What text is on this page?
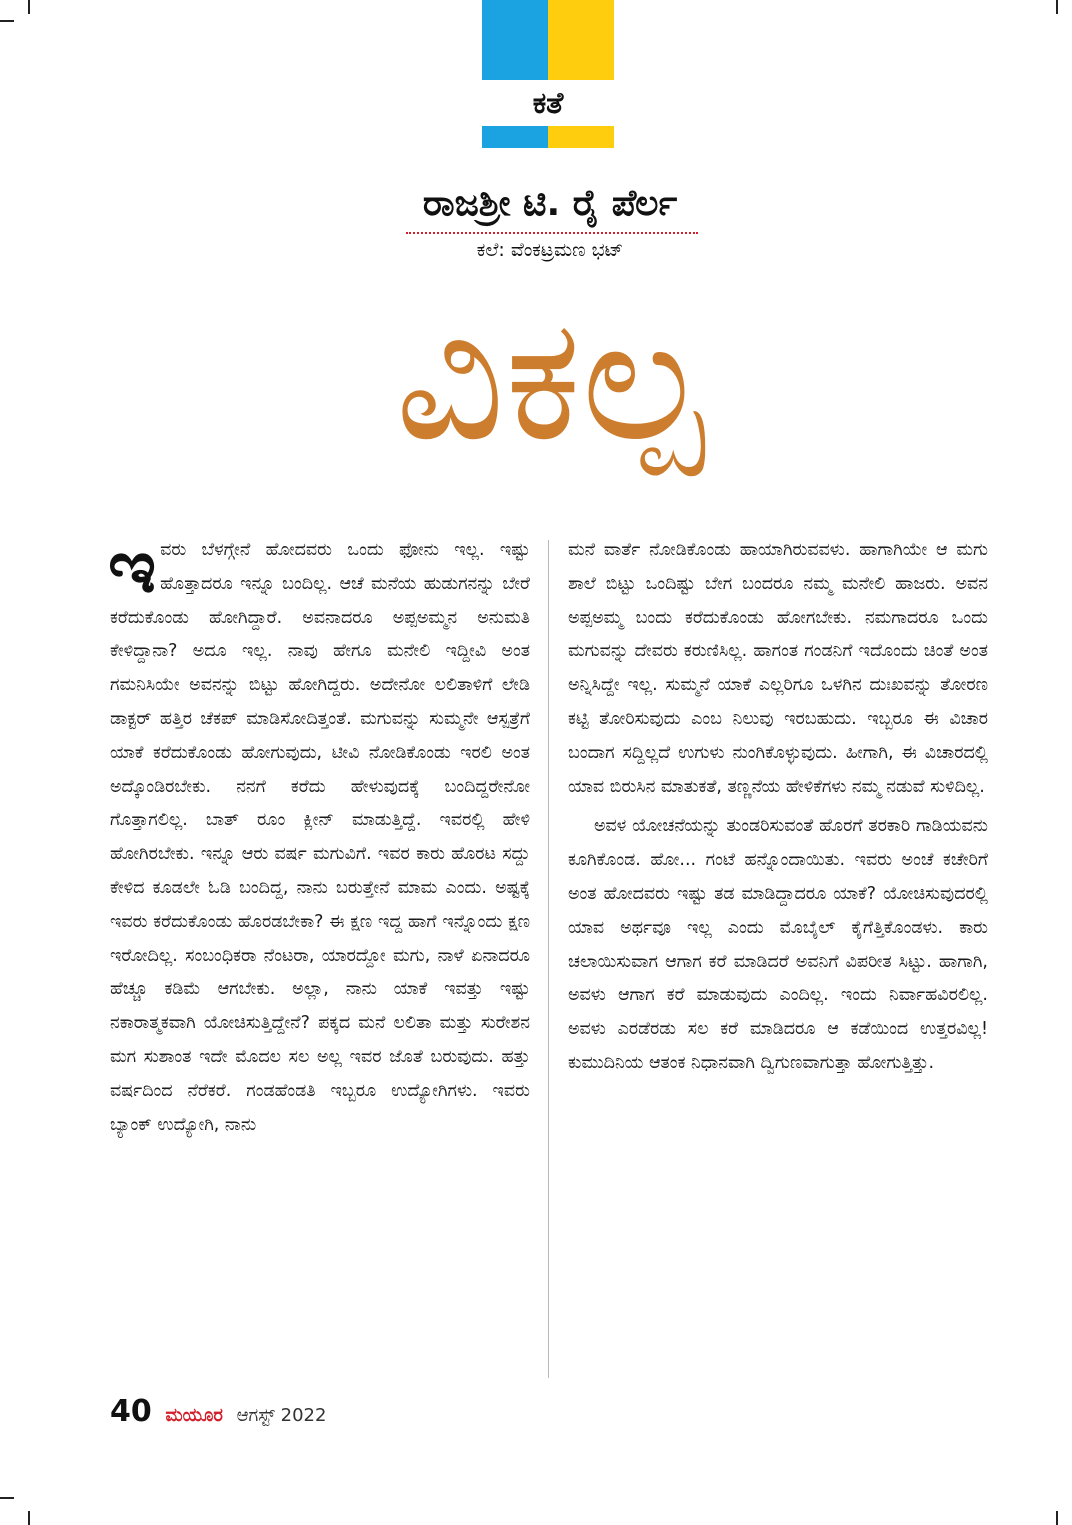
ಕತೆ
ರಾಜಶ್ರೀ ಟಿ. ರೈ ಪೆರ್ಲ
ಕಲೆ: ವೆಂಕಟ್ರಮಣ ಭಟ್
ವಿಕಲ್ಪ

ಇವರು ಬೆಳಗ್ಗೇನೆ ಹೋದವರು ಒಂದು ಫೋನು ಇಲ್ಲ. ಇಷ್ಟು ಹೊತ್ತಾದರೂ ಇನ್ನೂ ಬಂದಿಲ್ಲ. ಆಚೆ ಮನೆಯ ಹುಡುಗನನ್ನು ಬೇರೆ ಕರೆದುಕೊಂಡು ಹೋಗಿದ್ದಾರೆ. ಅವನಾದರೂ ಅಪ್ಪಅಮ್ಮನ ಅನುಮತಿ ಕೇಳಿದ್ದಾನಾ? ಅದೂ ಇಲ್ಲ. ನಾವು ಹೇಗೂ ಮನೇಲಿ ಇದ್ದೀವಿ ಅಂತ ಗಮನಿಸಿಯೇ ಅವನನ್ನು ಬಿಟ್ಟು ಹೋಗಿದ್ದರು. ಅದೇನೋ ಲಲಿತಾಳಿಗೆ ಲೇಡಿ ಡಾಕ್ಟರ್ ಹತ್ತಿರ ಚೆಕಪ್ ಮಾಡಿಸೋದಿತ್ತಂತೆ. ಮಗುವನ್ನು ಸುಮ್ಮನೇ ಆಸ್ಪತ್ರೆಗೆ ಯಾಕೆ ಕರೆದುಕೊಂಡು ಹೋಗುವುದು, ಟೀವಿ ನೋಡಿಕೊಂಡು ಇರಲಿ ಅಂತ ಅದ್ಕೊಂಡಿರಬೇಕು. ನನಗೆ ಕರೆದು ಹೇಳುವುದಕ್ಕೆ ಬಂದಿದ್ದರೇನೋ ಗೊತ್ತಾಗಲಿಲ್ಲ. ಬಾತ್ ರೂಂ ಕ್ಲೀನ್ ಮಾಡುತ್ತಿದ್ದೆ. ಇವರಲ್ಲಿ ಹೇಳಿ ಹೋಗಿರಬೇಕು. ಇನ್ನೂ ಆರು ವರ್ಷ ಮಗುವಿಗೆ. ಇವರ ಕಾರು ಹೊರಟ ಸದ್ದು ಕೇಳಿದ ಕೂಡಲೇ ಓಡಿ ಬಂದಿದ್ದ, ನಾನು ಬರುತ್ತೇನೆ ಮಾಮ ಎಂದು. ಅಷ್ಟಕ್ಕೆ ಇವರು ಕರೆದುಕೊಂಡು ಹೊರಡಬೇಕಾ? ಈ ಕ್ಷಣ ಇದ್ದ ಹಾಗೆ ಇನ್ನೊಂದು ಕ್ಷಣ ಇರೋದಿಲ್ಲ. ಸಂಬಂಧಿಕರಾ ನೆಂಟರಾ, ಯಾರದ್ದೋ ಮಗು, ನಾಳೆ ಏನಾದರೂ ಹೆಚ್ಚೂ ಕಡಿಮೆ ಆಗಬೇಕು. ಅಲ್ಲಾ, ನಾನು ಯಾಕೆ ಇವತ್ತು ಇಷ್ಟು ನಕಾರಾತ್ಮಕವಾಗಿ ಯೋಚಿಸುತ್ತಿದ್ದೇನೆ? ಪಕ್ಕದ ಮನೆ ಲಲಿತಾ ಮತ್ತು ಸುರೇಶನ ಮಗ ಸುಶಾಂತ ಇದೇ ಮೊದಲ ಸಲ ಅಲ್ಲ ಇವರ ಜೊತೆ ಬರುವುದು. ಹತ್ತು ವರ್ಷದಿಂದ ನೆರೆಕರೆ. ಗಂಡಹೆಂಡತಿ ಇಬ್ಬರೂ ಉದ್ಯೋಗಿಗಳು. ಇವರು ಬ್ಯಾಂಕ್ ಉದ್ಯೋಗಿ, ನಾನು

ಮನೆ ವಾರ್ತೆ ನೋಡಿಕೊಂಡು ಹಾಯಾಗಿರುವವಳು. ಹಾಗಾಗಿಯೇ ಆ ಮಗು ಶಾಲೆ ಬಿಟ್ಟು ಒಂದಿಷ್ಟು ಬೇಗ ಬಂದರೂ ನಮ್ಮ ಮನೇಲಿ ಹಾಜರು. ಅವನ ಅಪ್ಪಅಮ್ಮ ಬಂದು ಕರೆದುಕೊಂಡು ಹೋಗಬೇಕು. ನಮಗಾದರೂ ಒಂದು ಮಗುವನ್ನು ದೇವರು ಕರುಣಿಸಿಲ್ಲ. ಹಾಗಂತ ಗಂಡನಿಗೆ ಇದೊಂದು ಚಿಂತೆ ಅಂತ ಅನ್ನಿಸಿದ್ದೇ ಇಲ್ಲ. ಸುಮ್ಮನೆ ಯಾಕೆ ಎಲ್ಲರಿಗೂ ಒಳಗಿನ ದುಃಖವನ್ನು ತೋರಣ ಕಟ್ಟಿ ತೋರಿಸುವುದು ಎಂಬ ನಿಲುವು ಇರಬಹುದು. ಇಬ್ಬರೂ ಈ ವಿಚಾರ ಬಂದಾಗ ಸದ್ದಿಲ್ಲದೆ ಉಗುಳು ನುಂಗಿಕೊಳ್ಳುವುದು. ಹೀಗಾಗಿ, ಈ ವಿಚಾರದಲ್ಲಿ ಯಾವ ಬಿರುಸಿನ ಮಾತುಕತೆ, ತಣ್ಣನೆಯ ಹೇಳಿಕೆಗಳು ನಮ್ಮ ನಡುವೆ ಸುಳಿದಿಲ್ಲ.

ಅವಳ ಯೋಚನೆಯನ್ನು ತುಂಡರಿಸುವಂತೆ ಹೊರಗೆ ತರಕಾರಿ ಗಾಡಿಯವನು ಕೂಗಿಕೊಂಡ. ಹೋ... ಗಂಟೆ ಹನ್ನೊಂದಾಯಿತು. ಇವರು ಅಂಚೆ ಕಚೇರಿಗೆ ಅಂತ ಹೋದವರು ಇಷ್ಟು ತಡ ಮಾಡಿದ್ದಾದರೂ ಯಾಕೆ? ಯೋಚಿಸುವುದರಲ್ಲಿ ಯಾವ ಅರ್ಥವೂ ಇಲ್ಲ ಎಂದು ಮೊಬೈಲ್ ಕೈಗೆತ್ತಿಕೊಂಡಳು. ಕಾರು ಚಲಾಯಿಸುವಾಗ ಆಗಾಗ ಕರೆ ಮಾಡಿದರೆ ಅವನಿಗೆ ವಿಪರೀತ ಸಿಟ್ಟು. ಹಾಗಾಗಿ, ಅವಳು ಆಗಾಗ ಕರೆ ಮಾಡುವುದು ಎಂದಿಲ್ಲ. ಇಂದು ನಿರ್ವಾಹವಿರಲಿಲ್ಲ. ಅವಳು ಎರಡೆರಡು ಸಲ ಕರೆ ಮಾಡಿದರೂ ಆ ಕಡೆಯಿಂದ ಉತ್ತರವಿಲ್ಲ! ಕುಮುದಿನಿಯ ಆತಂಕ ನಿಧಾನವಾಗಿ ದ್ವಿಗುಣವಾಗುತ್ತಾ ಹೋಗುತ್ತಿತ್ತು.

40 ಮಯೂರ ಆಗಸ್ಟ್ 2022
